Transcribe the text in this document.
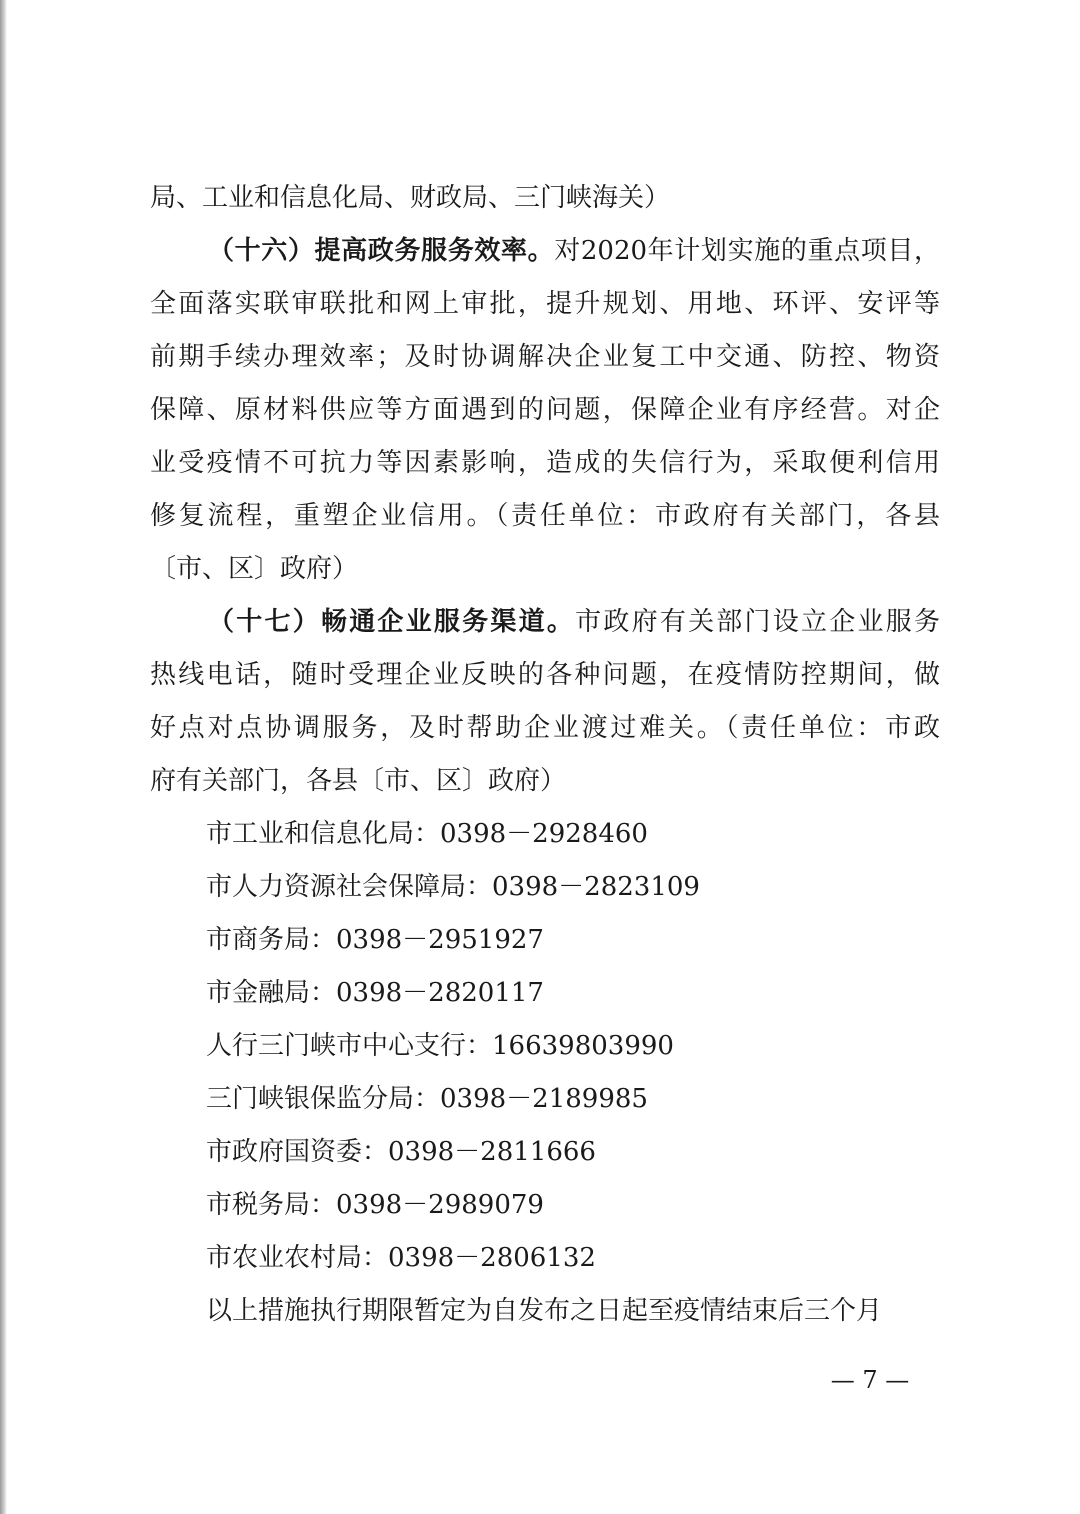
局、工业和信息化局、财政局、三门峡海关）
（十六）提高政务服务效率。对2020年计划实施的重点项目，
全面落实联审联批和网上审批，提升规划、用地、环评、安评等
前期手续办理效率；及时协调解决企业复工中交通、防控、物资
保障、原材料供应等方面遇到的问题，保障企业有序经营。对企
业受疫情不可抗力等因素影响，造成的失信行为，采取便利信用
修复流程，重塑企业信用。（责任单位：市政府有关部门，各县
〔市、区〕政府）
（十七）畅通企业服务渠道。市政府有关部门设立企业服务
热线电话，随时受理企业反映的各种问题，在疫情防控期间，做
好点对点协调服务，及时帮助企业渡过难关。（责任单位：市政
府有关部门，各县〔市、区〕政府）
市工业和信息化局：0398－2928460
市人力资源社会保障局：0398－2823109
市商务局：0398－2951927
市金融局：0398－2820117
人行三门峡市中心支行：16639803990
三门峡银保监分局：0398－2189985
市政府国资委：0398－2811666
市税务局：0398－2989079
市农业农村局：0398－2806132
以上措施执行期限暂定为自发布之日起至疫情结束后三个月
— 7 —
